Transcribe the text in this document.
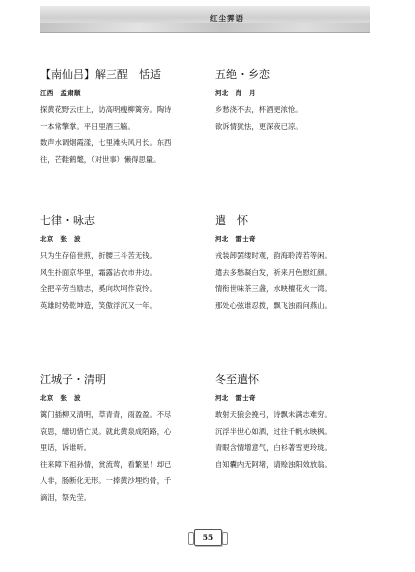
红尘霁语
【南仙吕】解三酲　恬适
江西　孟肃顺
探黄花野云庄上，访高明瘦柳篱旁。陶诗
一本常擎掌。平日里酒三觞。
数声水调烟霞漾，七里滩头风月长。东西
往，芒鞋鹤氅，（对世事）懒得思量。
五绝・乡恋
河北　肖　月
乡愁浇不去，杯酒更浓怆。
欲诉情犹怯，更深夜已凉。
七律・咏志
北京　张　波
只为生存倍世煎，折腰三斗苦无钱。
风生扑面京华里，霜露沾衣市井边。
全把辛劳当励志，奚向坎坷作哀怜。
英雄时势乾坤造，笑傲浮沉又一年。
遣　怀
河北　雷士奇
戎装卸罢缕时观，韵海聆涛若等闲。
遣去多愁凝白发，祈来月色慰红颜。
情衔世味茶三盏，水映檀花火一湾。
那处心弦谁忍拨，飘飞浊雨问燕山。
江城子・清明
北京　张　波
篱门插柳又清明，草青青，雨盈盈。不尽
哀思，缱切惜亡灵。就此黄泉成陌路，心
里话，诉谁听。
往来障下祖孙情，赏流莺，看繁星！却已
人非，肠断化无形。一捧黄沙埋灼骨，千
滴泪，祭先茔。
冬至遣怀
河北　雷士奇
敢射天狼会挽弓，诗飘未满志难穷。
沉浮半世心如洒，过往千帆水映枫。
青眼含情增意气，白衫著雪更玲珑。
自知囊内无阿堵，请赊浊阳效放翁。
55
